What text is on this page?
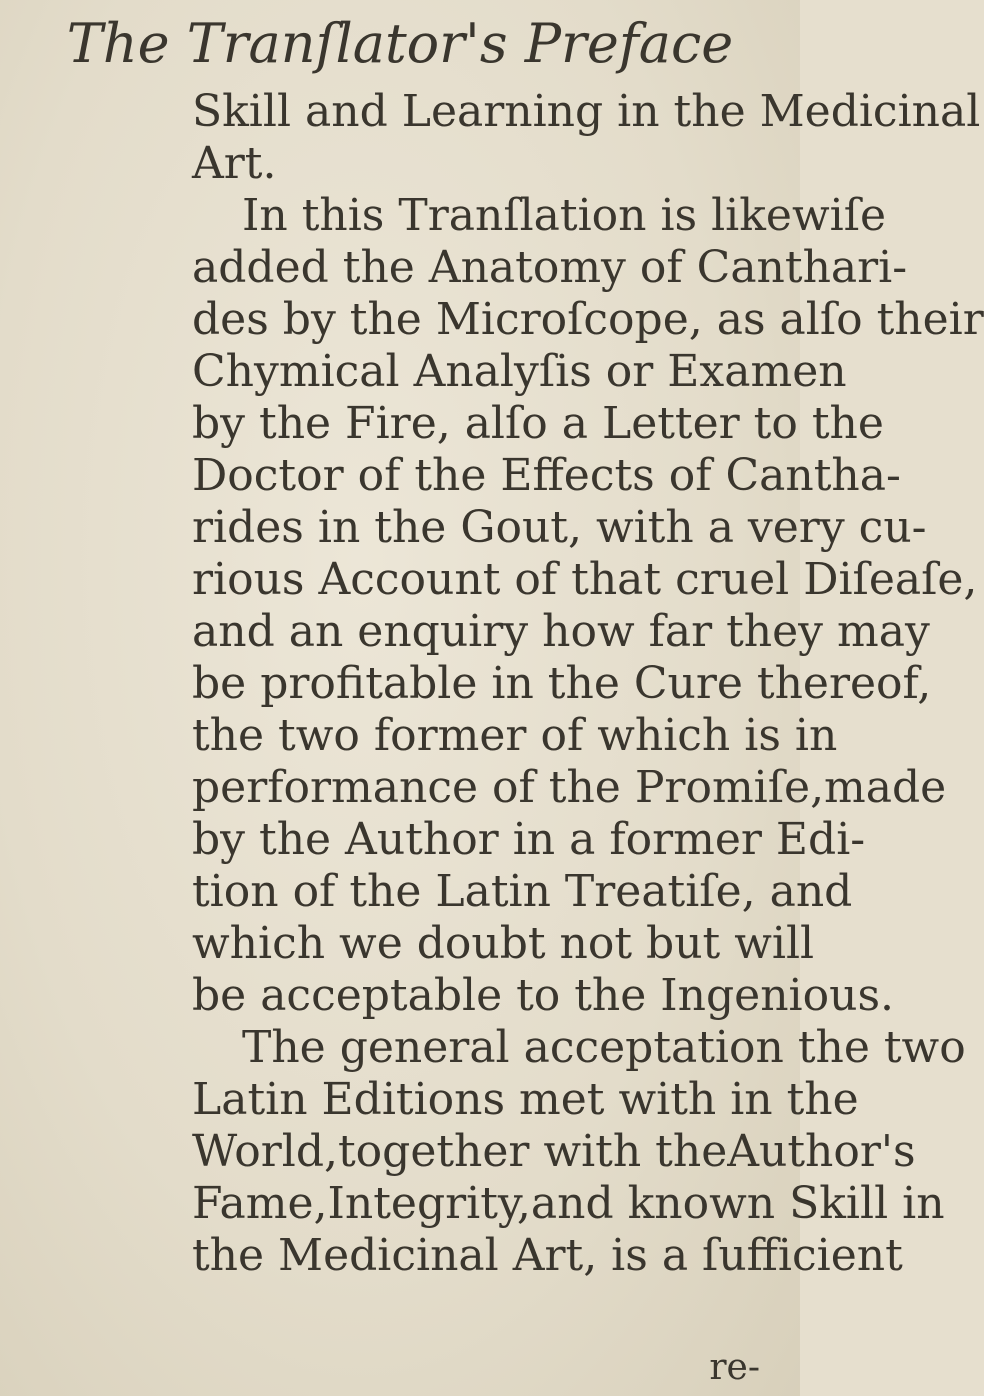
The Tranſlator's Preface
Skill and Learning in the Medicinal
Art.
In this Tranſlation is likewiſe
added the Anatomy of Canthari-
des by the Microſcope, as alſo their
Chymical Analyſis or Examen
by the Fire, alſo a Letter to the
Doctor of the Effects of Cantha-
rides in the Gout, with a very cu-
rious Account of that cruel Diſeaſe,
and an enquiry how far they may
be profitable in the Cure thereof,
the two former of which is in
performance of the Promiſe,made
by the Author in a former Edi-
tion of the Latin Treatiſe, and
which we doubt not but will
be acceptable to the Ingenious.
The general acceptation the two
Latin Editions met with in the
World,together with theAuthor's
Fame,Integrity,and known Skill in
the Medicinal Art, is a ſufficient
re-
